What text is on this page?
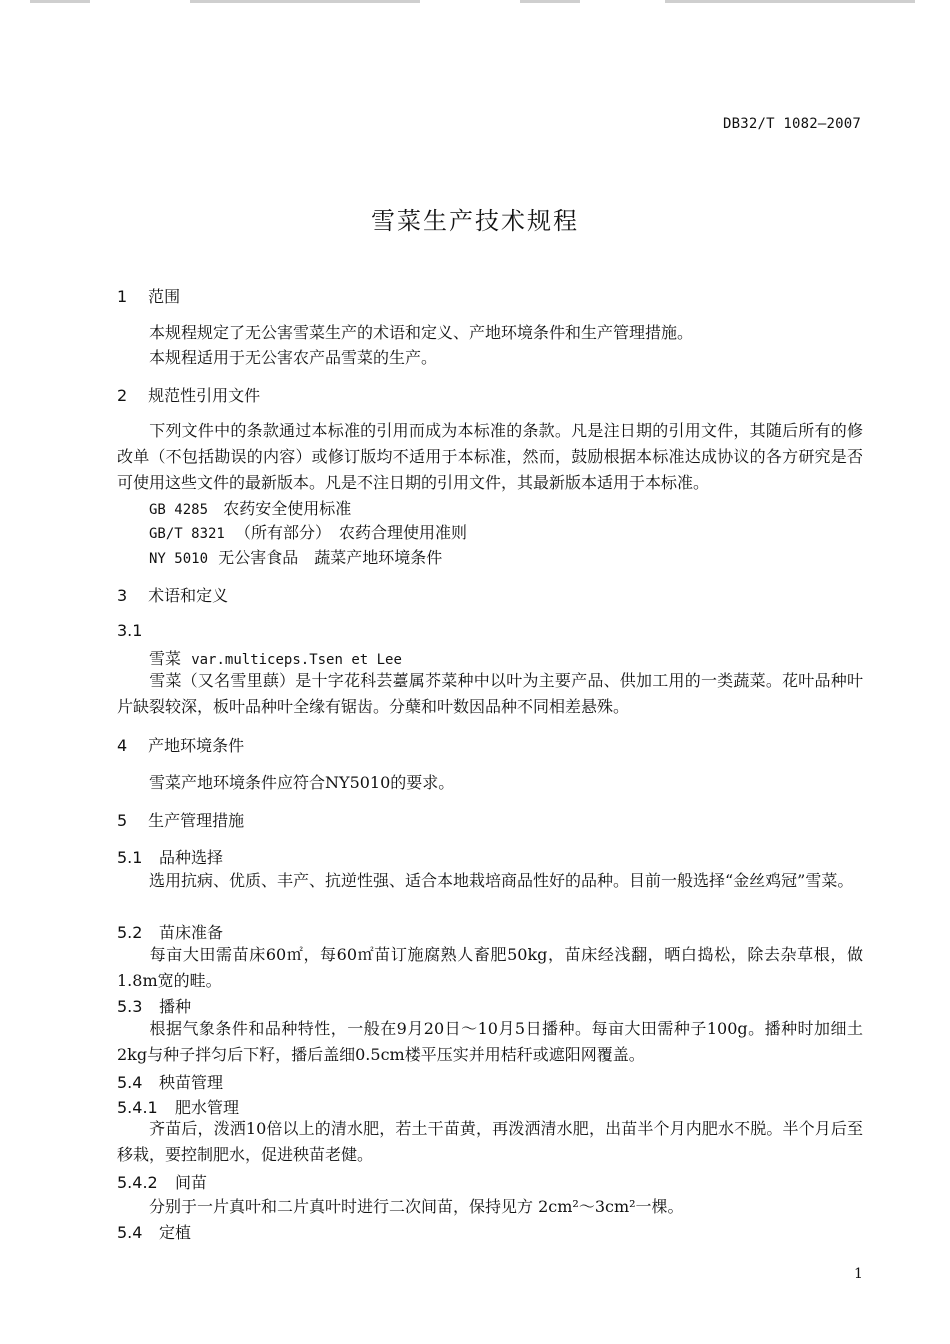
DB32/T 1082—2007
雪菜生产技术规程
1 范围
本规程规定了无公害雪菜生产的术语和定义、产地环境条件和生产管理措施。
本规程适用于无公害农产品雪菜的生产。
2 规范性引用文件
下列文件中的条款通过本标准的引用而成为本标准的条款。凡是注日期的引用文件，其随后所有的修改单（不包括勘误的内容）或修订版均不适用于本标准，然而，鼓励根据本标准达成协议的各方研究是否可使用这些文件的最新版本。凡是不注日期的引用文件，其最新版本适用于本标准。
GB 4285 农药安全使用标准
GB/T 8321 （所有部分）　农药合理使用准则
NY 5010 无公害食品　蔬菜产地环境条件
3 术语和定义
3.1
雪菜 var.multiceps.Tsen et Lee
雪菜（又名雪里蕻）是十字花科芸薹属芥菜种中以叶为主要产品、供加工用的一类蔬菜。花叶品种叶片缺裂较深，板叶品种叶全缘有锯齿。分蘖和叶数因品种不同相差悬殊。
4 产地环境条件
雪菜产地环境条件应符合NY5010的要求。
5 生产管理措施
5.1 品种选择
选用抗病、优质、丰产、抗逆性强、适合本地栽培商品性好的品种。目前一般选择“金丝鸡冠”雪菜。
5.2 苗床准备
每亩大田需苗床60㎡，每60㎡苗订施腐熟人畜肥50kg，苗床经浅翻，晒白捣松，除去杂草根，做1.8m宽的畦。
5.3 播种
根据气象条件和品种特性，一般在9月20日～10月5日播种。每亩大田需种子100g。播种时加细土2kg与种子拌匀后下籽，播后盖细0.5cm楼平压实并用桔秆或遮阳网覆盖。
5.4 秧苗管理
5.4.1 肥水管理
齐苗后，泼洒10倍以上的清水肥，若土干苗黄，再泼洒清水肥，出苗半个月内肥水不脱。半个月后至移栽，要控制肥水，促进秧苗老健。
5.4.2 间苗
分别于一片真叶和二片真叶时进行二次间苗，保持见方 2cm²～3cm²一棵。
5.4 定植
1
